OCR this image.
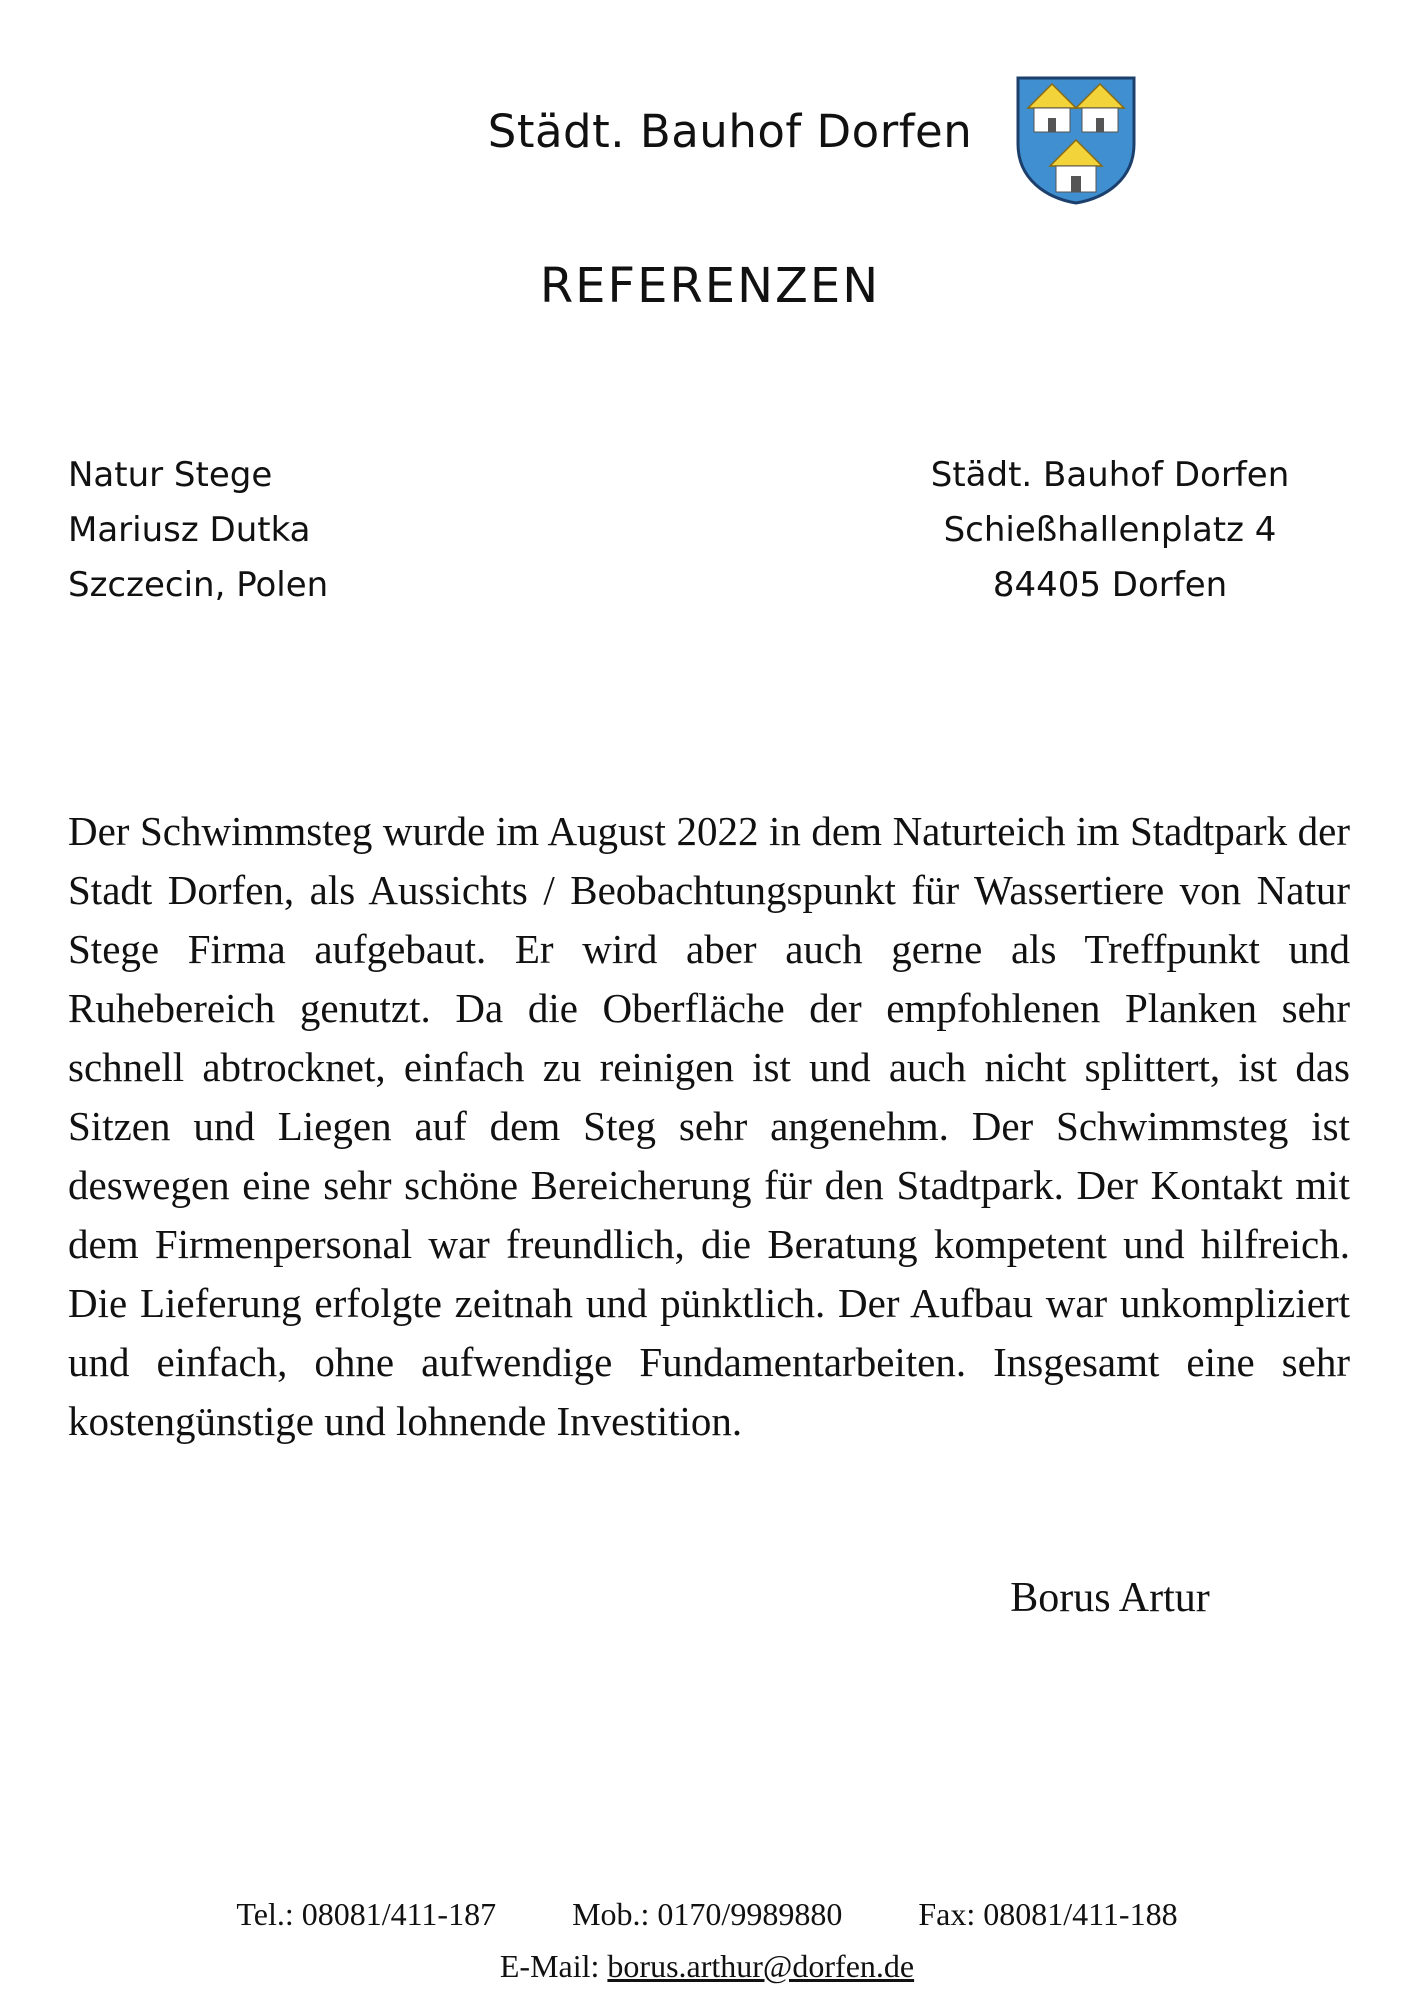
Städt. Bauhof Dorfen
REFERENZEN
Natur Stege
Mariusz Dutka
Szczecin, Polen
Städt. Bauhof Dorfen
Schießhallenplatz 4
84405 Dorfen

Der Schwimmsteg wurde im August 2022 in dem Naturteich im Stadtpark der Stadt Dorfen, als Aussichts / Beobachtungspunkt für Wassertiere von Natur Stege Firma aufgebaut. Er wird aber auch gerne als Treffpunkt und Ruhebereich genutzt. Da die Oberfläche der empfohlenen Planken sehr schnell abtrocknet, einfach zu reinigen ist und auch nicht splittert, ist das Sitzen und Liegen auf dem Steg sehr angenehm. Der Schwimmsteg ist deswegen eine sehr schöne Bereicherung für den Stadtpark. Der Kontakt mit dem Firmenpersonal war freundlich, die Beratung kompetent und hilfreich. Die Lieferung erfolgte zeitnah und pünktlich. Der Aufbau war unkompliziert und einfach, ohne aufwendige Fundamentarbeiten. Insgesamt eine sehr kostengünstige und lohnende Investition.

Borus Artur
Tel.: 08081/411-187 Mob.: 0170/9989880 Fax: 08081/411-188
E-Mail: borus.arthur@dorfen.de
